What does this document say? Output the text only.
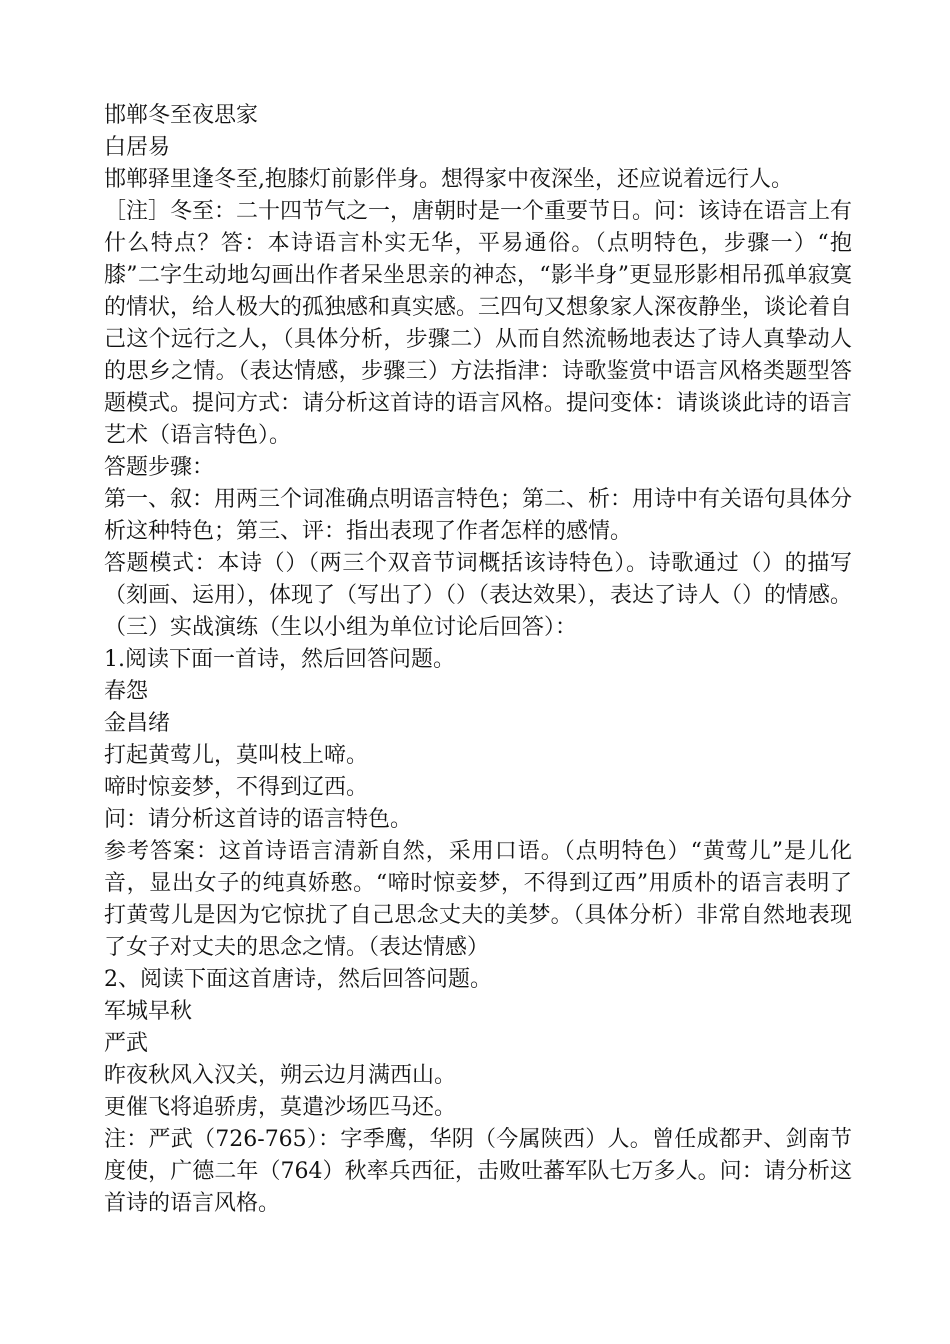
邯郸冬至夜思家

白居易

邯郸驿里逢冬至,抱膝灯前影伴身。想得家中夜深坐，还应说着远行人。

［注］冬至：二十四节气之一，唐朝时是一个重要节日。问：该诗在语言上有什么特点？答：本诗语言朴实无华，平易通俗。（点明特色，步骤一）“抱膝”二字生动地勾画出作者呆坐思亲的神态，“影半身”更显形影相吊孤单寂寞的情状，给人极大的孤独感和真实感。三四句又想象家人深夜静坐，谈论着自己这个远行之人，（具体分析，步骤二）从而自然流畅地表达了诗人真挚动人的思乡之情。（表达情感，步骤三）方法指津：诗歌鉴赏中语言风格类题型答题模式。提问方式：请分析这首诗的语言风格。提问变体：请谈谈此诗的语言艺术（语言特色）。

答题步骤：

第一、叙：用两三个词准确点明语言特色；第二、析：用诗中有关语句具体分析这种特色；第三、评：指出表现了作者怎样的感情。

答题模式：本诗（）（两三个双音节词概括该诗特色）。诗歌通过（）的描写（刻画、运用），体现了（写出了）（）（表达效果），表达了诗人（）的情感。

（三）实战演练（生以小组为单位讨论后回答）：

1.阅读下面一首诗，然后回答问题。

春怨

金昌绪

打起黄莺儿，莫叫枝上啼。

啼时惊妾梦，不得到辽西。

问：请分析这首诗的语言特色。

参考答案：这首诗语言清新自然，采用口语。（点明特色）“黄莺儿”是儿化音，显出女子的纯真娇憨。“啼时惊妾梦，不得到辽西”用质朴的语言表明了打黄莺儿是因为它惊扰了自己思念丈夫的美梦。（具体分析）非常自然地表现了女子对丈夫的思念之情。（表达情感）

2、阅读下面这首唐诗，然后回答问题。

军城早秋

严武

昨夜秋风入汉关，朔云边月满西山。

更催飞将追骄虏，莫遣沙场匹马还。

注：严武（726-765）：字季鹰，华阴（今属陕西）人。曾任成都尹、剑南节度使，广德二年（764）秋率兵西征，击败吐蕃军队七万多人。问：请分析这首诗的语言风格。
